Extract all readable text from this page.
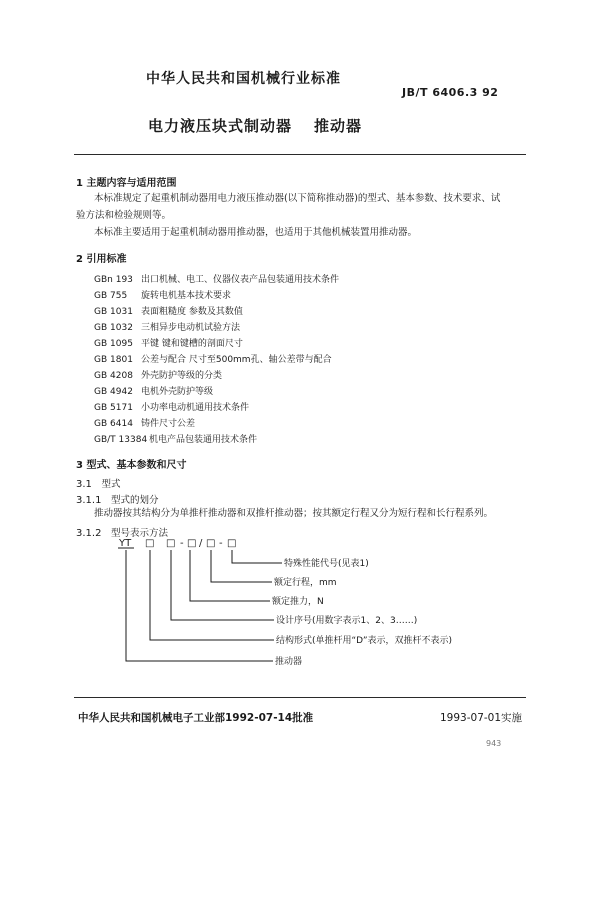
中华人民共和国机械行业标准
JB/T 6406.3 92
电力液压块式制动器 推动器
1 主题内容与适用范围
本标准规定了起重机制动器用电力液压推动器(以下简称推动器)的型式、基本参数、技术要求、试
验方法和检验规则等。
本标准主要适用于起重机制动器用推动器，也适用于其他机械装置用推动器。
2 引用标准
GBn 193 出口机械、电工、仪器仪表产品包装通用技术条件
GB 755 旋转电机基本技术要求
GB 1031 表面粗糙度 参数及其数值
GB 1032 三相异步电动机试验方法
GB 1095 平键 键和键槽的剖面尺寸
GB 1801 公差与配合 尺寸至500mm孔、轴公差带与配合
GB 4208 外壳防护等级的分类
GB 4942 电机外壳防护等级
GB 5171 小功率电动机通用技术条件
GB 6414 铸件尺寸公差
GB/T 13384 机电产品包装通用技术条件
3 型式、基本参数和尺寸
3.1 型式
3.1.1 型式的划分
推动器按其结构分为单推杆推动器和双推杆推动器；按其额定行程又分为短行程和长行程系列。
3.1.2 型号表示方法
YT □ □ - □ / □ - □
特殊性能代号(见表1)
额定行程，mm
额定推力，N
设计序号(用数字表示1、2、3……)
结构形式(单推杆用“D”表示，双推杆不表示)
推动器
中华人民共和国机械电子工业部1992-07-14批准	1993-07-01实施
943
